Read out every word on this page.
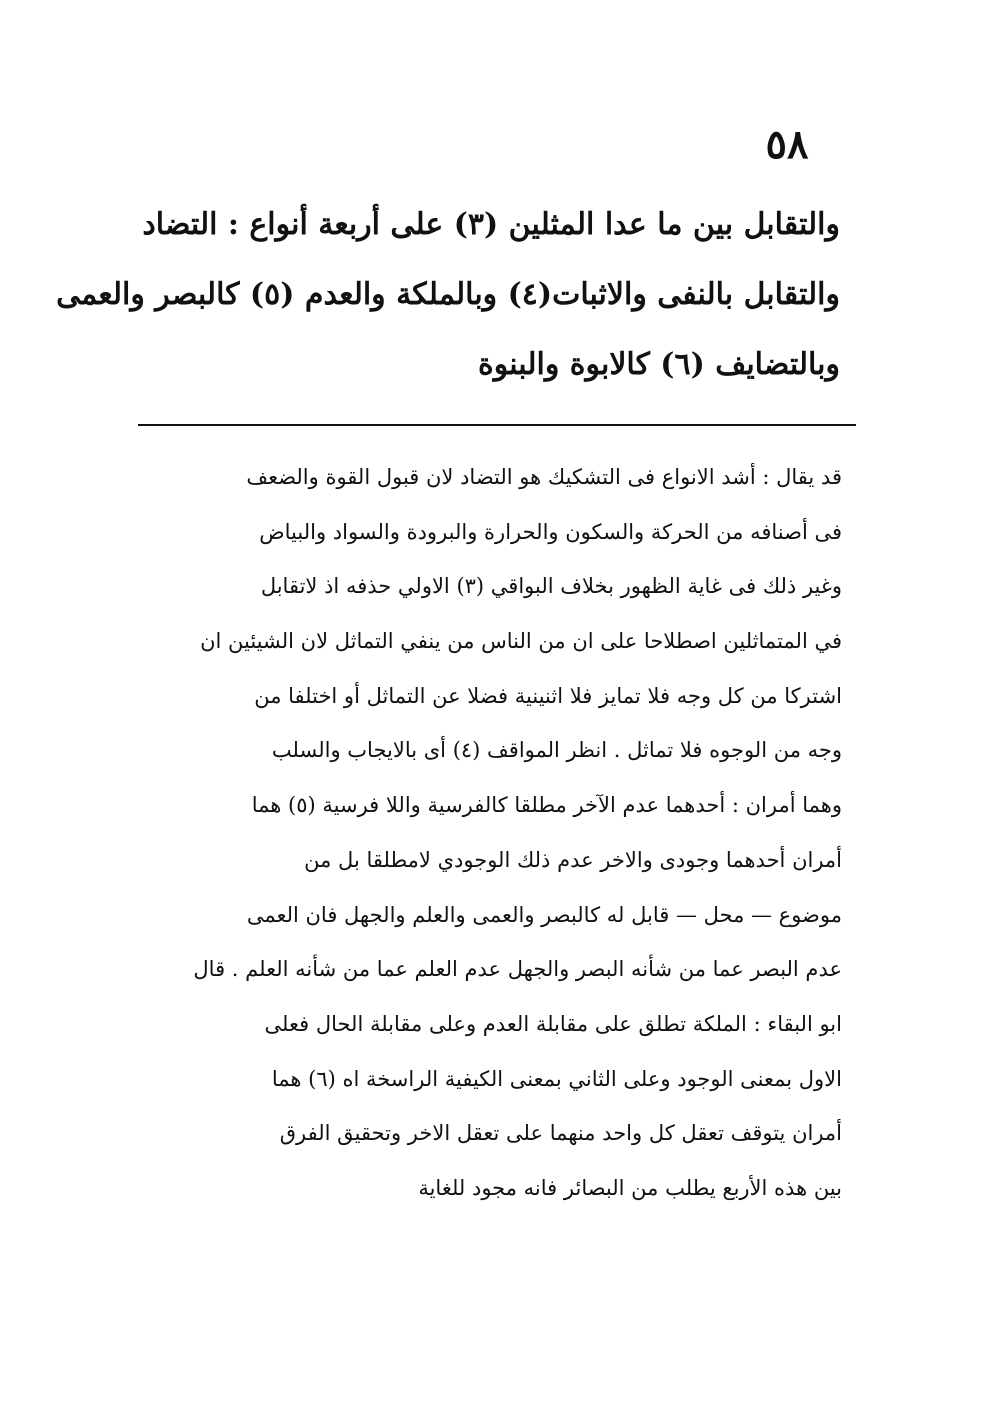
٥٨
والتقابل بين ما عدا المثلين (٣) على أربعة أنواع : التضاد
والتقابل بالنفى والاثبات(٤) وبالملكة والعدم (٥) كالبصر والعمى
وبالتضايف (٦) كالابوة والبنوة
قد يقال : أشد الانواع فى التشكيك هو التضاد لان قبول القوة والضعف
فى أصنافه من الحركة والسكون والحرارة والبرودة والسواد والبياض
وغير ذلك فى غاية الظهور بخلاف البواقي (٣) الاولي حذفه اذ لاتقابل
في المتماثلين اصطلاحا على ان من الناس من ينفي التماثل لان الشيئين ان
اشتركا من كل وجه فلا تمايز فلا اثنينية فضلا عن التماثل أو اختلفا من
وجه من الوجوه فلا تماثل . انظر المواقف (٤) أى بالايجاب والسلب
وهما أمران : أحدهما عدم الآخر مطلقا كالفرسية واللا فرسية (٥) هما
أمران أحدهما وجودى والاخر عدم ذلك الوجودي لامطلقا بل من
موضوع — محل — قابل له كالبصر والعمى والعلم والجهل فان العمى
عدم البصر عما من شأنه البصر والجهل عدم العلم عما من شأنه العلم . قال
ابو البقاء : الملكة تطلق على مقابلة العدم وعلى مقابلة الحال فعلى
الاول بمعنى الوجود وعلى الثاني بمعنى الكيفية الراسخة اه (٦) هما
أمران يتوقف تعقل كل واحد منهما على تعقل الاخر وتحقيق الفرق
بين هذه الأربع يطلب من البصائر فانه مجود للغاية
